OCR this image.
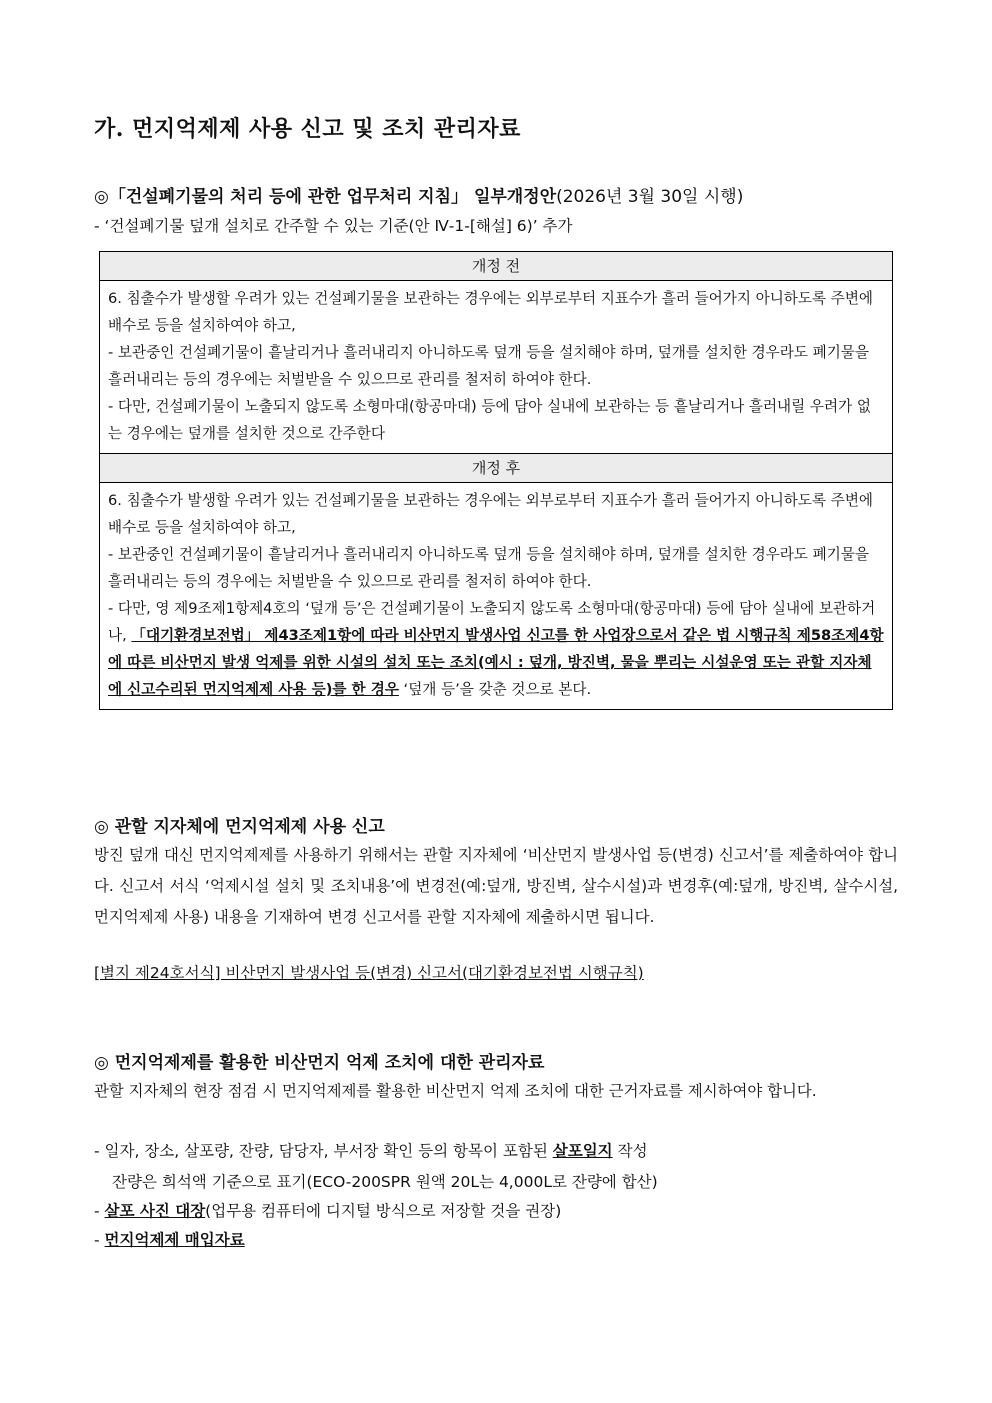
가. 먼지억제제 사용 신고 및 조치 관리자료

◎「건설폐기물의 처리 등에 관한 업무처리 지침」 일부개정안(2026년 3월 30일 시행)

- ‘건설폐기물 덮개 설치로 간주할 수 있는 기준(안 Ⅳ-1-[해설] 6)’ 추가

개정 전

6. 침출수가 발생할 우려가 있는 건설폐기물을 보관하는 경우에는 외부로부터 지표수가 흘러 들어가지 아니하도록 주변에 배수로 등을 설치하여야 하고,
- 보관중인 건설폐기물이 흩날리거나 흘러내리지 아니하도록 덮개 등을 설치해야 하며, 덮개를 설치한 경우라도 폐기물을 흘러내리는 등의 경우에는 처벌받을 수 있으므로 관리를 철저히 하여야 한다.
- 다만, 건설폐기물이 노출되지 않도록 소형마대(항공마대) 등에 담아 실내에 보관하는 등 흩날리거나 흘러내릴 우려가 없는 경우에는 덮개를 설치한 것으로 간주한다

개정 후

6. 침출수가 발생할 우려가 있는 건설폐기물을 보관하는 경우에는 외부로부터 지표수가 흘러 들어가지 아니하도록 주변에 배수로 등을 설치하여야 하고,
- 보관중인 건설폐기물이 흩날리거나 흘러내리지 아니하도록 덮개 등을 설치해야 하며, 덮개를 설치한 경우라도 폐기물을 흘러내리는 등의 경우에는 처벌받을 수 있으므로 관리를 철저히 하여야 한다.
- 다만, 영 제9조제1항제4호의 ‘덮개 등’은 건설폐기물이 노출되지 않도록 소형마대(항공마대) 등에 담아 실내에 보관하거나, 「대기환경보전법」 제43조제1항에 따라 비산먼지 발생사업 신고를 한 사업장으로서 같은 법 시행규칙 제58조제4항에 따른 비산먼지 발생 억제를 위한 시설의 설치 또는 조치(예시 : 덮개, 방진벽, 물을 뿌리는 시설운영 또는 관할 지자체에 신고수리된 먼지억제제 사용 등)를 한 경우 ‘덮개 등’을 갖춘 것으로 본다.

◎ 관할 지자체에 먼지억제제 사용 신고

방진 덮개 대신 먼지억제제를 사용하기 위해서는 관할 지자체에 ‘비산먼지 발생사업 등(변경) 신고서’를 제출하여야 합니다. 신고서 서식 ‘억제시설 설치 및 조치내용’에 변경전(예:덮개, 방진벽, 살수시설)과 변경후(예:덮개, 방진벽, 살수시설, 먼지억제제 사용) 내용을 기재하여 변경 신고서를 관할 지자체에 제출하시면 됩니다.

[별지 제24호서식] 비산먼지 발생사업 등(변경) 신고서(대기환경보전법 시행규칙)

◎ 먼지억제제를 활용한 비산먼지 억제 조치에 대한 관리자료

관할 지자체의 현장 점검 시 먼지억제제를 활용한 비산먼지 억제 조치에 대한 근거자료를 제시하여야 합니다.

- 일자, 장소, 살포량, 잔량, 담당자, 부서장 확인 등의 항목이 포함된 살포일지 작성

잔량은 희석액 기준으로 표기(ECO-200SPR 원액 20L는 4,000L로 잔량에 합산)

- 살포 사진 대장(업무용 컴퓨터에 디지털 방식으로 저장할 것을 권장)

- 먼지억제제 매입자료
